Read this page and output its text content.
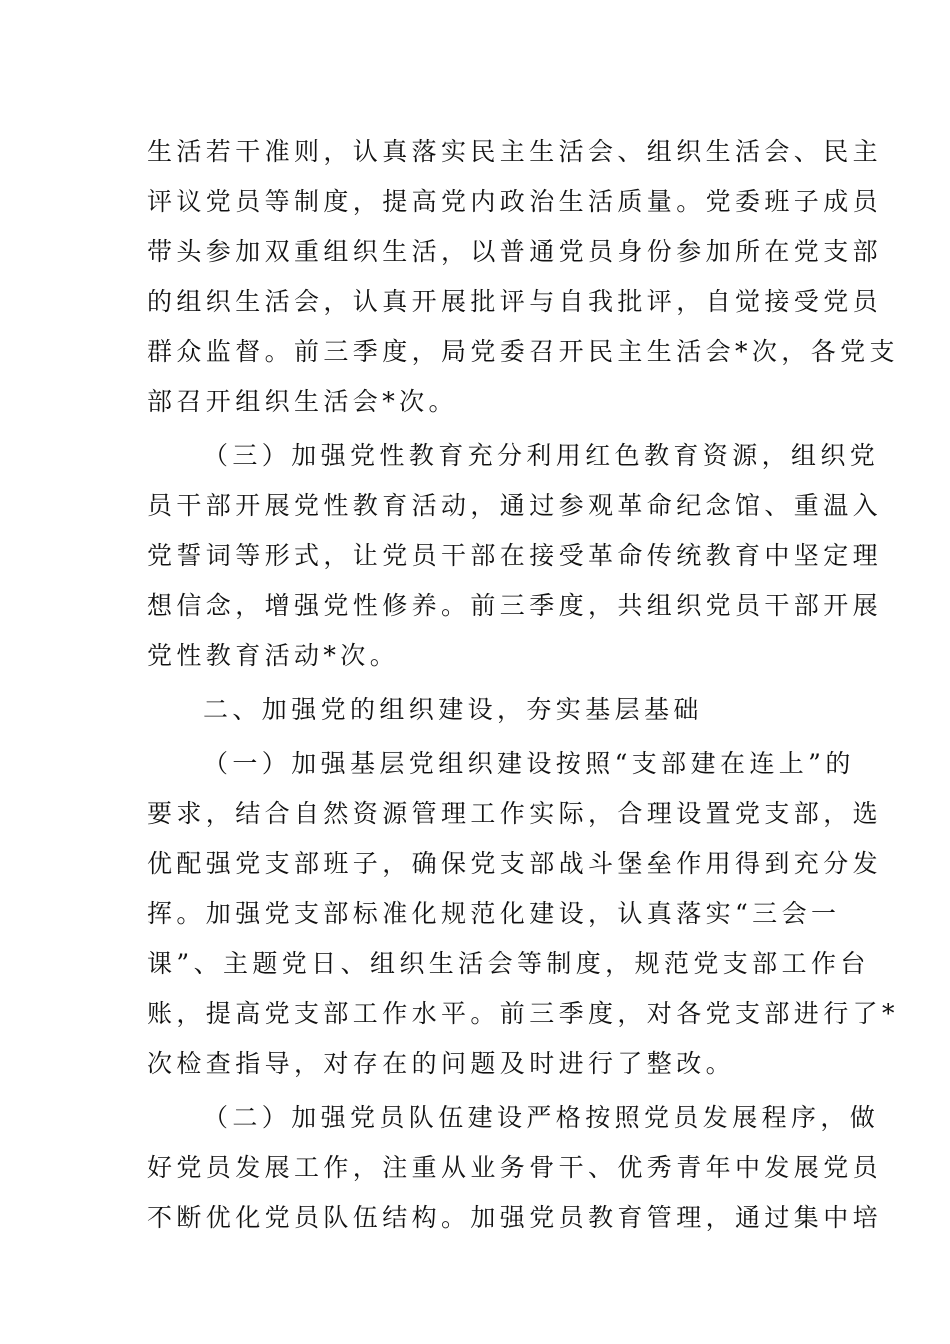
生活若干准则，认真落实民主生活会、组织生活会、民主
评议党员等制度，提高党内政治生活质量。党委班子成员
带头参加双重组织生活，以普通党员身份参加所在党支部
的组织生活会，认真开展批评与自我批评，自觉接受党员
群众监督。前三季度，局党委召开民主生活会*次，各党支
部召开组织生活会*次。
（三）加强党性教育充分利用红色教育资源，组织党
员干部开展党性教育活动，通过参观革命纪念馆、重温入
党誓词等形式，让党员干部在接受革命传统教育中坚定理
想信念，增强党性修养。前三季度，共组织党员干部开展
党性教育活动*次。
二、加强党的组织建设，夯实基层基础
（一）加强基层党组织建设按照“支部建在连上”的
要求，结合自然资源管理工作实际，合理设置党支部，选
优配强党支部班子，确保党支部战斗堡垒作用得到充分发
挥。加强党支部标准化规范化建设，认真落实“三会一
课”、主题党日、组织生活会等制度，规范党支部工作台
账，提高党支部工作水平。前三季度，对各党支部进行了*
次检查指导，对存在的问题及时进行了整改。
（二）加强党员队伍建设严格按照党员发展程序，做
好党员发展工作，注重从业务骨干、优秀青年中发展党员
不断优化党员队伍结构。加强党员教育管理，通过集中培
